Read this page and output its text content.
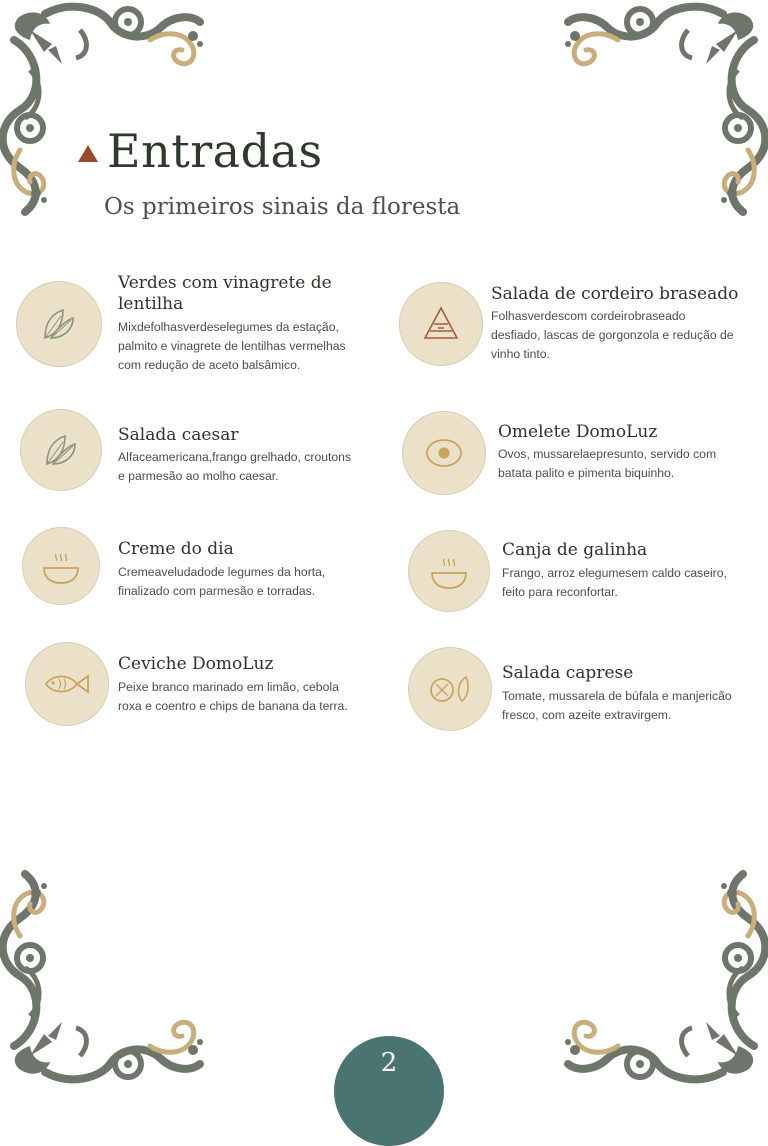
Entradas
Os primeiros sinais da floresta
Verdes com vinagrete de lentilha
Mixdefolhasverdeselegumes da estação, palmito e vinagrete de lentilhas vermelhas com redução de aceto balsâmico.
Salada de cordeiro braseado
Folhasverdescom cordeirobraseado desfiado, lascas de gorgonzola e redução de vinho tinto.
Salada caesar
Alfaceamericana,frango grelhado, croutons e parmesão ao molho caesar.
Omelete DomoLuz
Ovos, mussarelaepresunto, servido com batata palito e pimenta biquinho.
Creme do dia
Cremeaveludadode legumes da horta, finalizado com parmesão e torradas.
Canja de galinha
Frango, arroz elegumesem caldo caseiro, feito para reconfortar.
Ceviche DomoLuz
Peixe branco marinado em limão, cebola roxa e coentro e chips de banana da terra.
Salada caprese
Tomate, mussarela de búfala e manjericão fresco, com azeite extravirgem.
2
